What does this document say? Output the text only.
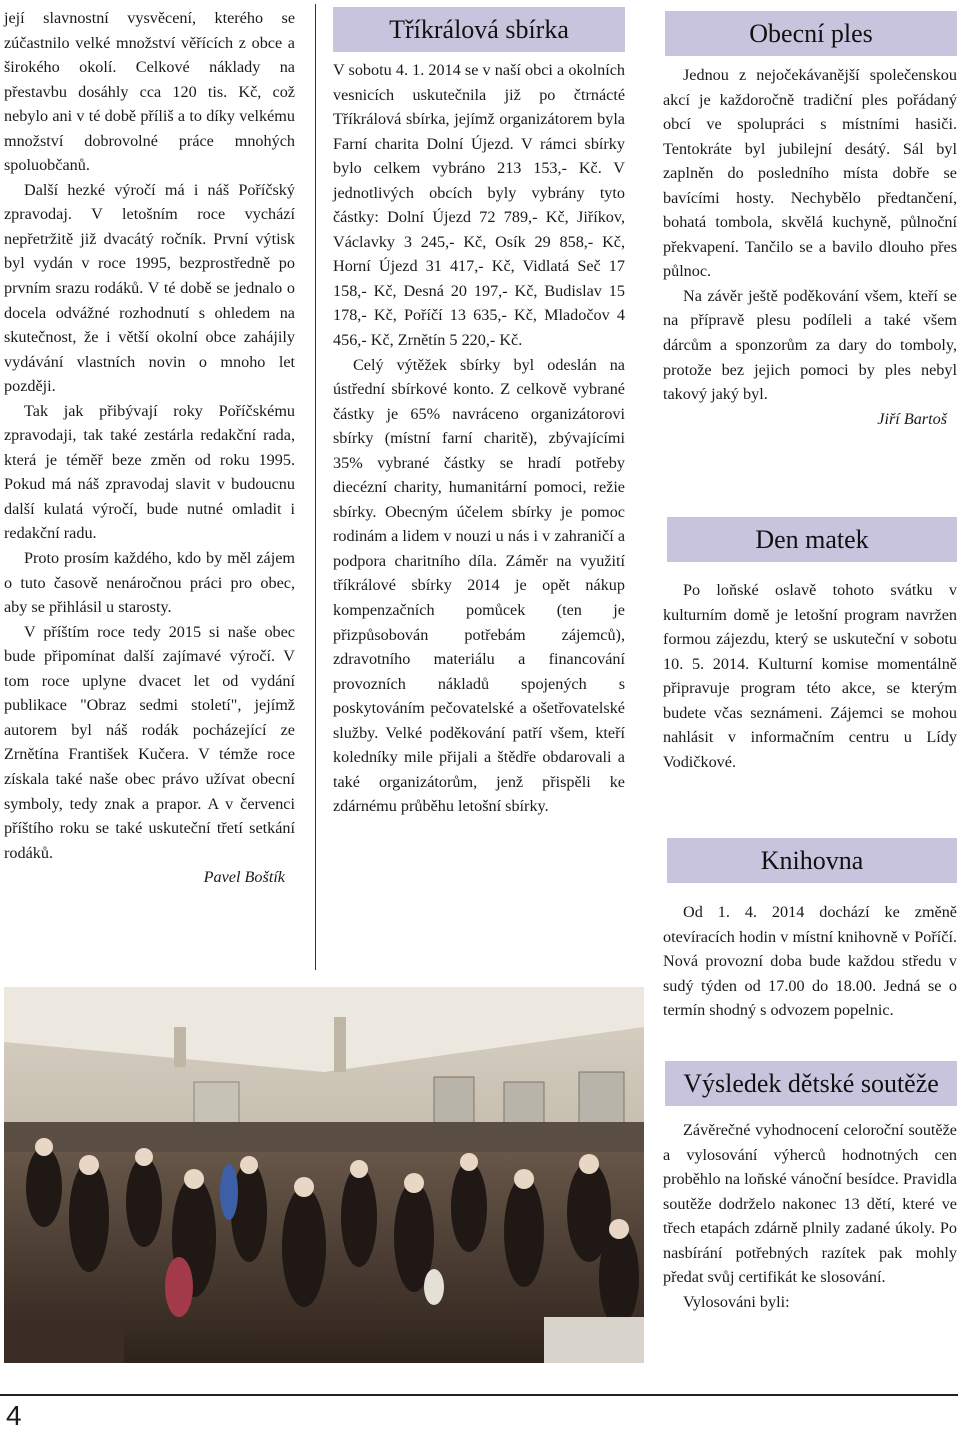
její slavnostní vysvěcení, kterého se zúčastnilo velké množství věřících z obce a širokého okolí. Celkové náklady na přestavbu dosáhly cca 120 tis. Kč, což nebylo ani v té době příliš a to díky velkému množství dobrovolné práce mnohých spoluobčanů.

Další hezké výročí má i náš Poříčský zpravodaj. V letošním roce vychází nepřetržitě již dvacátý ročník. První výtisk byl vydán v roce 1995, bezprostředně po prvním srazu rodáků. V té době se jednalo o docela odvážné rozhodnutí s ohledem na skutečnost, že i větší okolní obce zahájily vydávání vlastních novin o mnoho let později.

Tak jak přibývají roky Poříčskému zpravodaji, tak také zestárla redakční rada, která je téměř beze změn od roku 1995. Pokud má náš zpravodaj slavit v budoucnu další kulatá výročí, bude nutné omladit i redakční radu.

Proto prosím každého, kdo by měl zájem o tuto časově nenáročnou práci pro obec, aby se přihlásil u starosty.

V příštím roce tedy 2015 si naše obec bude připomínat další zajímavé výročí. V tom roce uplyne dvacet let od vydání publikace "Obraz sedmi století", jejímž autorem byl náš rodák pocházející ze Zrnětína František Kučera. V témže roce získala také naše obec právo užívat obecní symboly, tedy znak a prapor. A v červenci příštího roku se také uskuteční třetí setkání rodáků.

Pavel Boštík

Tříkrálová sbírka

V sobotu 4. 1. 2014 se v naší obci a okolních vesnicích uskutečnila již po čtrnácté Tříkrálová sbírka, jejímž organizátorem byla Farní charita Dolní Újezd. V rámci sbírky bylo celkem vybráno 213 153,- Kč. V jednotlivých obcích byly vybrány tyto částky: Dolní Újezd 72 789,- Kč, Jiříkov, Václavky 3 245,- Kč, Osík 29 858,- Kč, Horní Újezd 31 417,- Kč, Vidlatá Seč 17 158,- Kč, Desná 20 197,- Kč, Budislav 15 178,- Kč, Poříčí 13 635,- Kč, Mladočov 4 456,- Kč, Zrnětín 5 220,- Kč.

Celý výtěžek sbírky byl odeslán na ústřední sbírkové konto. Z celkově vybrané částky je 65% navráceno organizátorovi sbírky (místní farní charitě), zbývajícími 35% vybrané částky se hradí potřeby diecézní charity, humanitární pomoci, režie sbírky. Obecným účelem sbírky je pomoc rodinám a lidem v nouzi u nás i v zahraničí a podpora charitního díla. Záměr na využití tříkrálové sbírky 2014 je opět nákup kompenzačních pomůcek (ten je přizpůsobován potřebám zájemců), zdravotního materiálu a financování provozních nákladů spojených s poskytováním pečovatelské a ošetřovatelské služby. Velké poděkování patří všem, kteří koledníky mile přijali a štědře obdarovali a také organizátorům, jenž přispěli ke zdárnému průběhu letošní sbírky.

Obecní ples

Jednou z nejočekávanější společenskou akcí je každoročně tradiční ples pořádaný obcí ve spolupráci s místními hasiči. Tentokráte byl jubilejní desátý. Sál byl zaplněn do posledního místa dobře se bavícími hosty. Nechybělo předtančení, bohatá tombola, skvělá kuchyně, půlnoční překvapení. Tančilo se a bavilo dlouho přes půlnoc.

Na závěr ještě poděkování všem, kteří se na přípravě plesu podíleli a také všem dárcům a sponzorům za dary do tomboly, protože bez jejich pomoci by ples nebyl takový jaký byl.

Jiří Bartoš

Den matek

Po loňské oslavě tohoto svátku v kulturním domě je letošní program navržen formou zájezdu, který se uskuteční v sobotu 10. 5. 2014. Kulturní komise momentálně připravuje program této akce, se kterým budete včas seznámeni. Zájemci se mohou nahlásit v informačním centru u Lídy Vodičkové.

Knihovna

Od 1. 4. 2014 dochází ke změně otevíracích hodin v místní knihovně v Poříčí. Nová provozní doba bude každou středu v sudý týden od 17.00 do 18.00. Jedná se o termín shodný s odvozem popelnic.

Výsledek dětské soutěže

Závěrečné vyhodnocení celoroční soutěže a vylosování výherců hodnotných cen proběhlo na loňské vánoční besídce. Pravidla soutěže dodrželo nakonec 13 dětí, které ve třech etapách zdárně plnily zadané úkoly. Po nasbírání potřebných razítek pak mohly předat svůj certifikát ke slosování.

Vylosováni byli:

4
